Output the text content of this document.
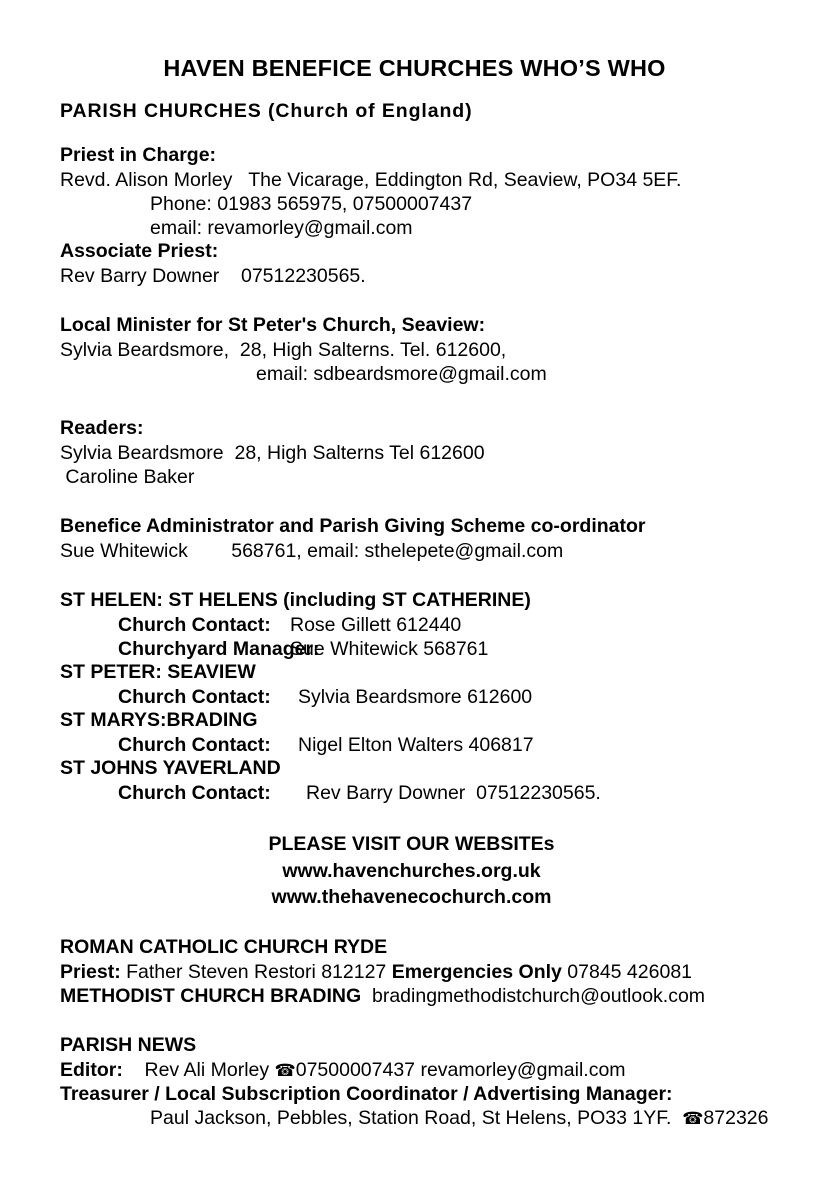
HAVEN BENEFICE CHURCHES WHO’S WHO
PARISH CHURCHES (Church of England)
Priest in Charge:
Revd. Alison Morley The Vicarage, Eddington Rd, Seaview, PO34 5EF.
Phone: 01983 565975, 07500007437
email: revamorley@gmail.com
Associate Priest:
Rev Barry Downer 07512230565.
Local Minister for St Peter's Church, Seaview:
Sylvia Beardsmore,  28, High Salterns. Tel. 612600,
email: sdbeardsmore@gmail.com
Readers:
Sylvia Beardsmore  28, High Salterns Tel 612600
Caroline Baker
Benefice Administrator and Parish Giving Scheme co-ordinator
Sue Whitewick 568761, email: sthelepete@gmail.com
ST HELEN: ST HELENS (including ST CATHERINE)
Church Contact: Rose Gillett 612440
Churchyard Manager:
Sue Whitewick 568761
ST PETER: SEAVIEW
Church Contact:	Sylvia Beardsmore 612600
ST MARYS:BRADING
Church Contact:	Nigel Elton Walters 406817
ST JOHNS YAVERLAND
Church Contact:	Rev Barry Downer  07512230565.
PLEASE VISIT OUR WEBSITEs
www.havenchurches.org.uk
www.thehavenecochurch.com
ROMAN CATHOLIC CHURCH RYDE
Priest: Father Steven Restori 812127 Emergencies Only 07845 426081
METHODIST CHURCH BRADING  bradingmethodistchurch@outlook.com
PARISH NEWS
Editor:    Rev Ali Morley ☎07500007437 revamorley@gmail.com
Treasurer / Local Subscription Coordinator / Advertising Manager:
Paul Jackson, Pebbles, Station Road, St Helens, PO33 1YF.  ☎872326
